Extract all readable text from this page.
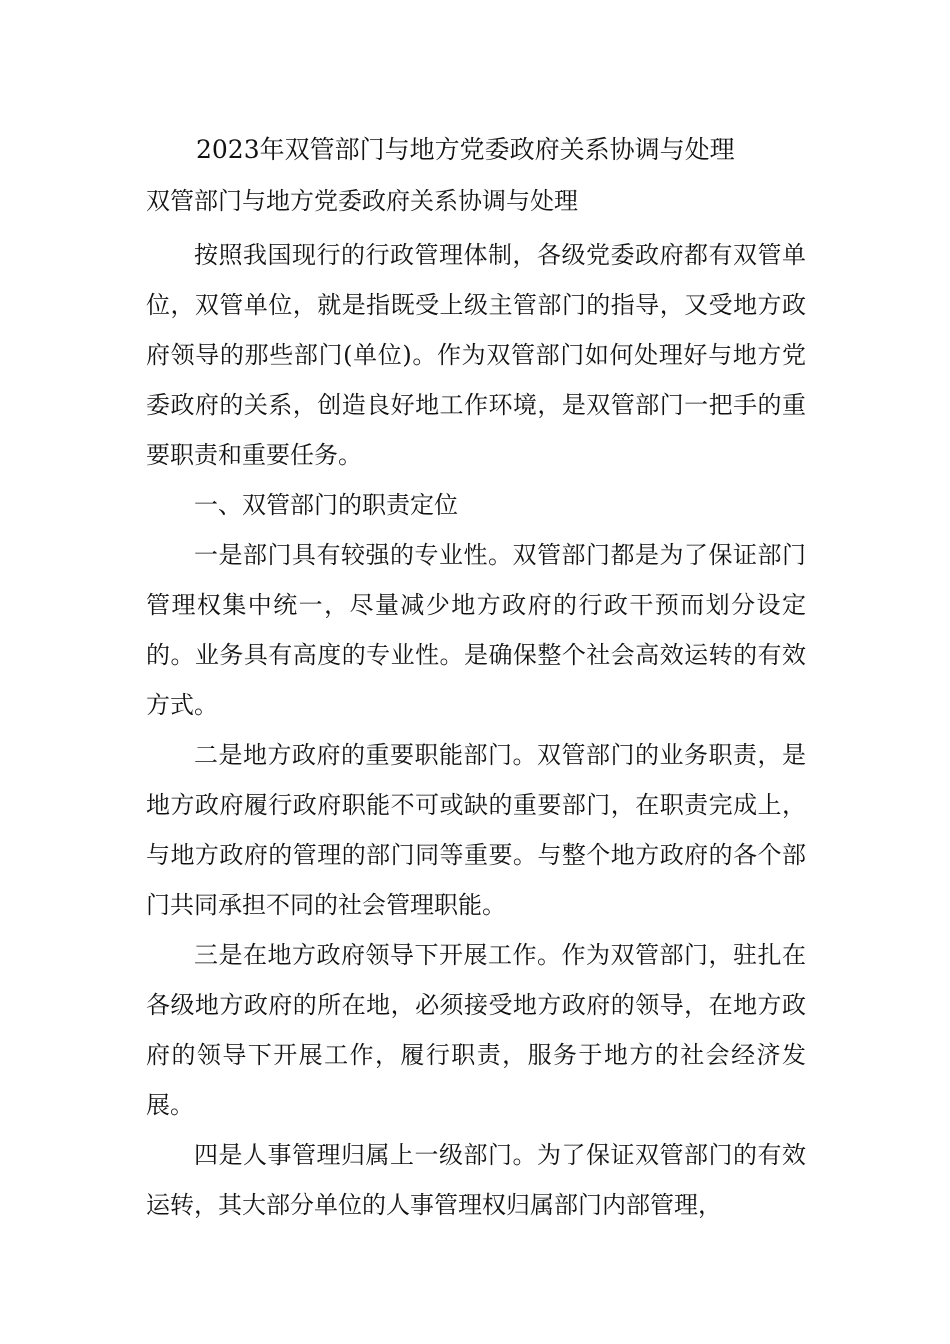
2023年双管部门与地方党委政府关系协调与处理
双管部门与地方党委政府关系协调与处理

按照我国现行的行政管理体制，各级党委政府都有双管单位，双管单位，就是指既受上级主管部门的指导，又受地方政府领导的那些部门(单位)。作为双管部门如何处理好与地方党委政府的关系，创造良好地工作环境，是双管部门一把手的重要职责和重要任务。

一、双管部门的职责定位

一是部门具有较强的专业性。双管部门都是为了保证部门管理权集中统一，尽量减少地方政府的行政干预而划分设定的。业务具有高度的专业性。是确保整个社会高效运转的有效方式。

二是地方政府的重要职能部门。双管部门的业务职责，是地方政府履行政府职能不可或缺的重要部门，在职责完成上，与地方政府的管理的部门同等重要。与整个地方政府的各个部门共同承担不同的社会管理职能。

三是在地方政府领导下开展工作。作为双管部门，驻扎在各级地方政府的所在地，必须接受地方政府的领导，在地方政府的领导下开展工作，履行职责，服务于地方的社会经济发展。

四是人事管理归属上一级部门。为了保证双管部门的有效运转，其大部分单位的人事管理权归属部门内部管理，
